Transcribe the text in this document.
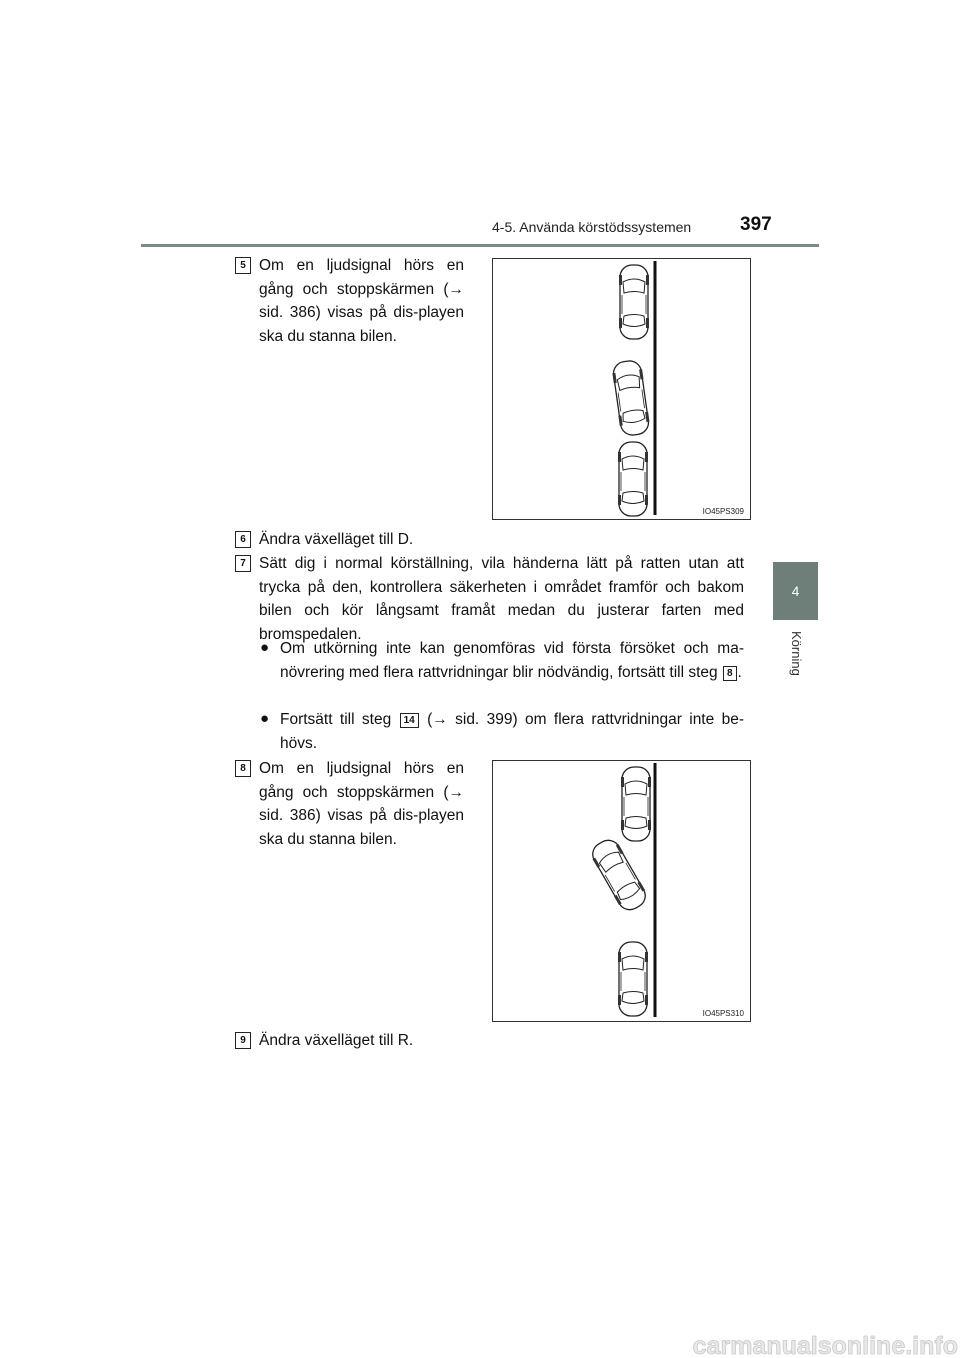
4-5. Använda körstödssystemen	397
4
Körning
5 Om en ljudsignal hörs en gång och stoppskärmen (→ sid. 386) visas på dis-playen ska du stanna bilen.
IO45PS309
6 Ändra växelläget till D.
7 Sätt dig i normal körställning, vila händerna lätt på ratten utan att trycka på den, kontrollera säkerheten i området framför och bakom bilen och kör långsamt framåt medan du justerar farten med bromspedalen.
● Om utkörning inte kan genomföras vid första försöket och ma-növrering med flera rattvridningar blir nödvändig, fortsätt till steg 8 .
● Fortsätt till steg 14 (→ sid. 399) om flera rattvridningar inte be-hövs.
8 Om en ljudsignal hörs en gång och stoppskärmen (→ sid. 386) visas på dis-playen ska du stanna bilen.
IO45PS310
9 Ändra växelläget till R.
carmanualsonline.info
